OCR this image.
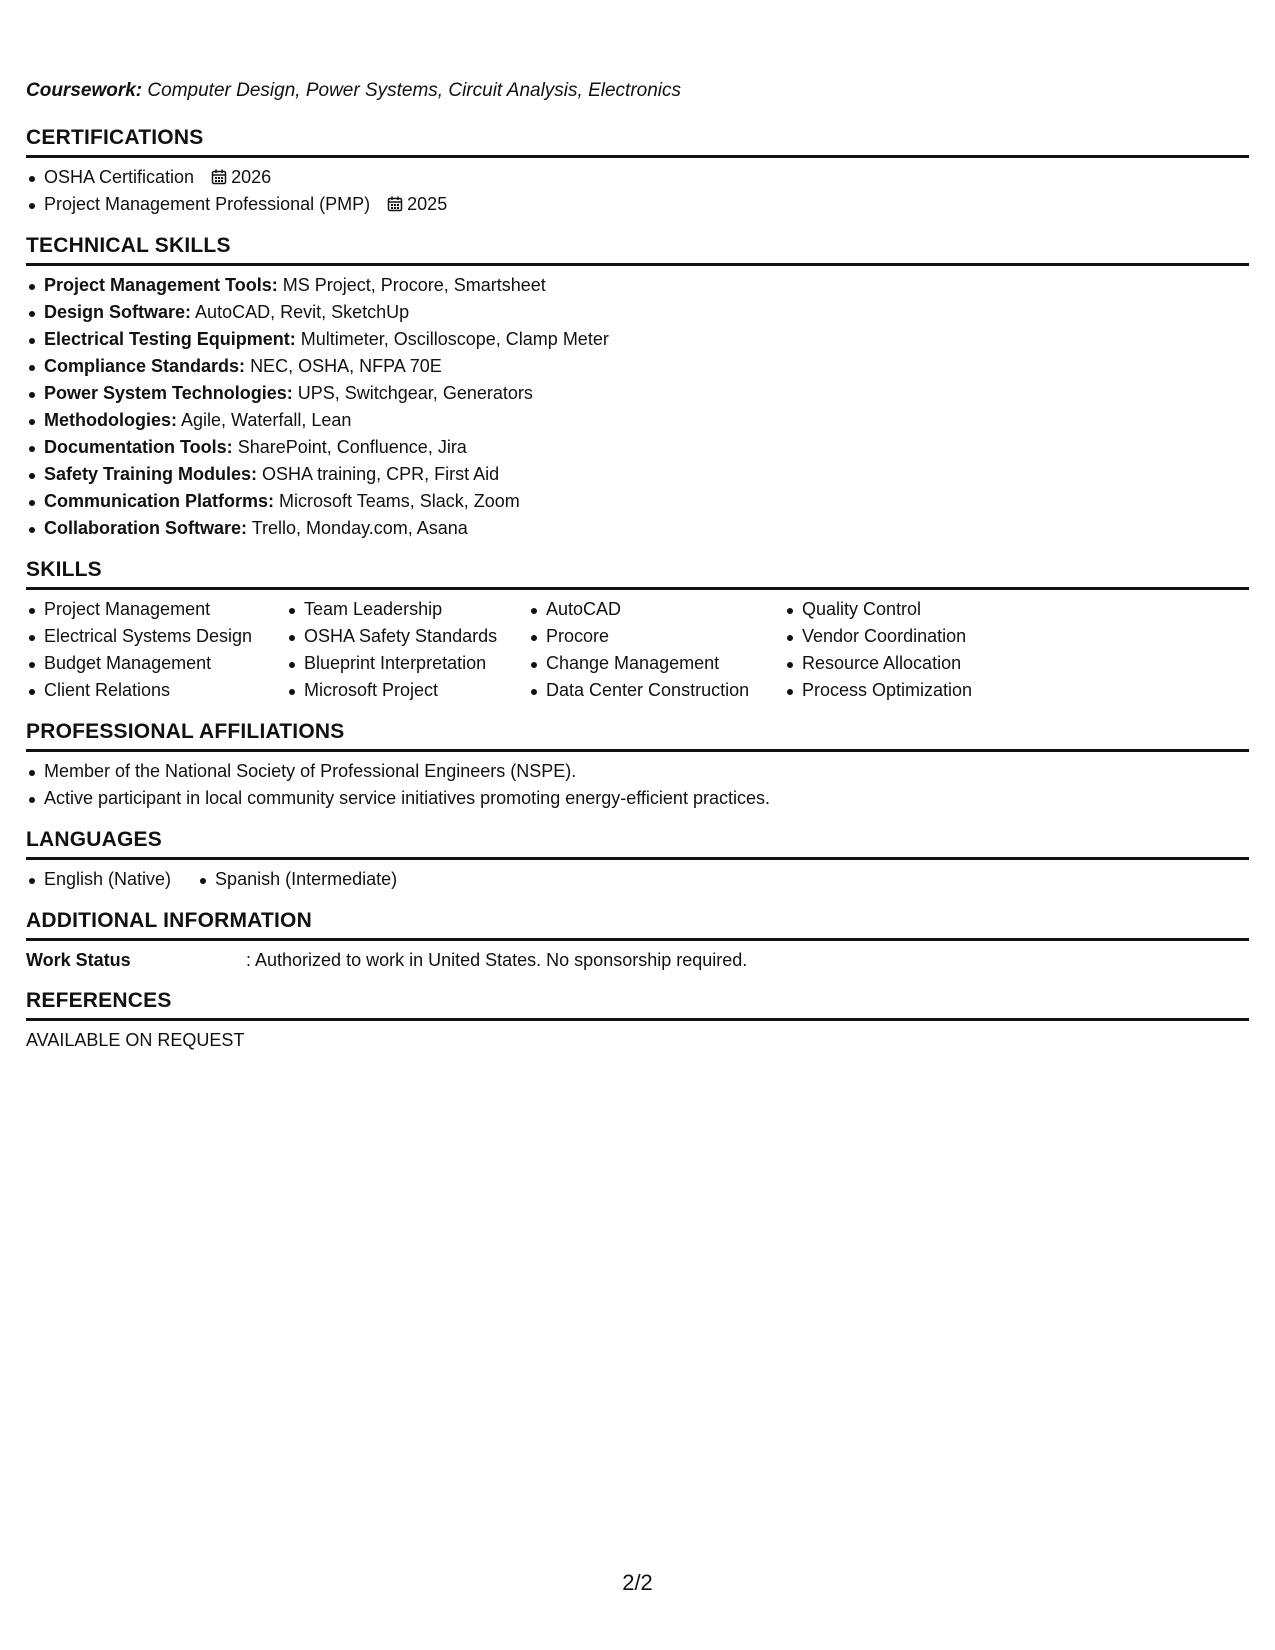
Coursework: Computer Design, Power Systems, Circuit Analysis, Electronics
CERTIFICATIONS
OSHA Certification 2026
Project Management Professional (PMP) 2025
TECHNICAL SKILLS
Project Management Tools: MS Project, Procore, Smartsheet
Design Software: AutoCAD, Revit, SketchUp
Electrical Testing Equipment: Multimeter, Oscilloscope, Clamp Meter
Compliance Standards: NEC, OSHA, NFPA 70E
Power System Technologies: UPS, Switchgear, Generators
Methodologies: Agile, Waterfall, Lean
Documentation Tools: SharePoint, Confluence, Jira
Safety Training Modules: OSHA training, CPR, First Aid
Communication Platforms: Microsoft Teams, Slack, Zoom
Collaboration Software: Trello, Monday.com, Asana
SKILLS
Project Management
Electrical Systems Design
Budget Management
Client Relations
Team Leadership
OSHA Safety Standards
Blueprint Interpretation
Microsoft Project
AutoCAD
Procore
Change Management
Data Center Construction
Quality Control
Vendor Coordination
Resource Allocation
Process Optimization
PROFESSIONAL AFFILIATIONS
Member of the National Society of Professional Engineers (NSPE).
Active participant in local community service initiatives promoting energy-efficient practices.
LANGUAGES
English (Native)	Spanish (Intermediate)
ADDITIONAL INFORMATION
Work Status	: Authorized to work in United States. No sponsorship required.
REFERENCES
AVAILABLE ON REQUEST
2/2
